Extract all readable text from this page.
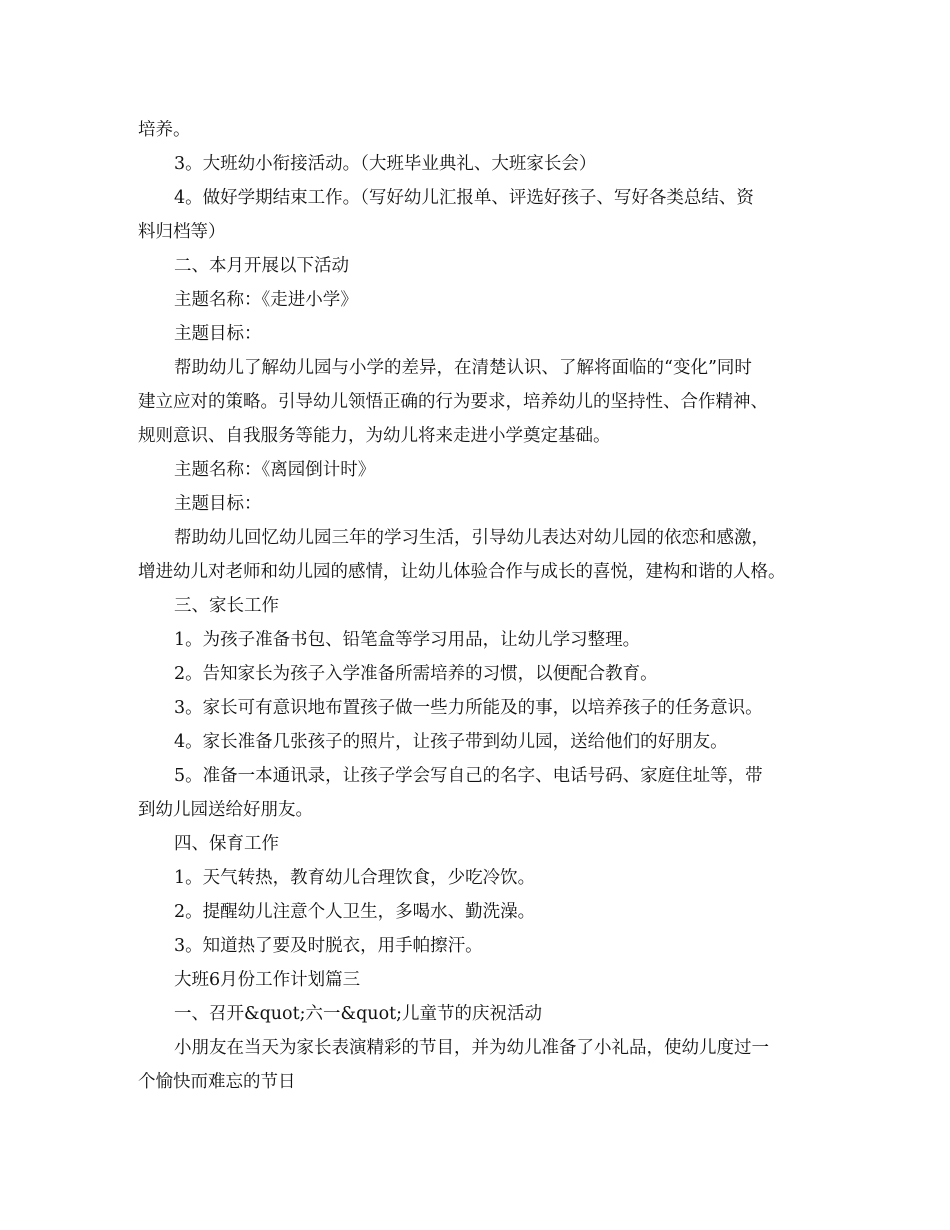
培养。

3。大班幼小衔接活动。（大班毕业典礼、大班家长会）

4。做好学期结束工作。（写好幼儿汇报单、评选好孩子、写好各类总结、资

料归档等）

二、本月开展以下活动

主题名称：《走进小学》

主题目标：

帮助幼儿了解幼儿园与小学的差异，在清楚认识、了解将面临的“变化”同时

建立应对的策略。引导幼儿领悟正确的行为要求，培养幼儿的坚持性、合作精神、

规则意识、自我服务等能力，为幼儿将来走进小学奠定基础。

主题名称：《离园倒计时》

主题目标：

帮助幼儿回忆幼儿园三年的学习生活，引导幼儿表达对幼儿园的依恋和感激，

增进幼儿对老师和幼儿园的感情，让幼儿体验合作与成长的喜悦，建构和谐的人格。

三、家长工作

1。为孩子准备书包、铅笔盒等学习用品，让幼儿学习整理。

2。告知家长为孩子入学准备所需培养的习惯，以便配合教育。

3。家长可有意识地布置孩子做一些力所能及的事，以培养孩子的任务意识。

4。家长准备几张孩子的照片，让孩子带到幼儿园，送给他们的好朋友。

5。准备一本通讯录，让孩子学会写自己的名字、电话号码、家庭住址等，带

到幼儿园送给好朋友。

四、保育工作

1。天气转热，教育幼儿合理饮食，少吃冷饮。

2。提醒幼儿注意个人卫生，多喝水、勤洗澡。

3。知道热了要及时脱衣，用手帕擦汗。

大班6月份工作计划篇三

一、召开&quot;六一&quot;儿童节的庆祝活动

小朋友在当天为家长表演精彩的节目，并为幼儿准备了小礼品，使幼儿度过一

个愉快而难忘的节日
